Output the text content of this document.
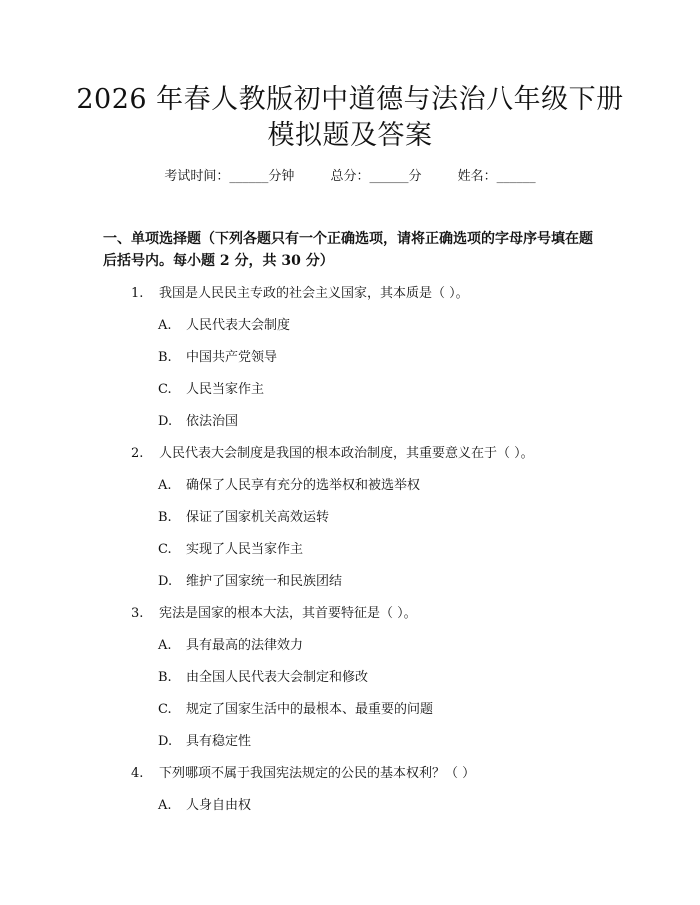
2026 年春人教版初中道德与法治八年级下册
模拟题及答案
考试时间：______分钟	总分：______分	姓名：______
一、单项选择题（下列各题只有一个正确选项，请将正确选项的字母序号填在题后括号内。每小题 2 分，共 30 分）
1. 我国是人民民主专政的社会主义国家，其本质是（ ）。
A. 人民代表大会制度
B. 中国共产党领导
C. 人民当家作主
D. 依法治国
2. 人民代表大会制度是我国的根本政治制度，其重要意义在于（ ）。
A. 确保了人民享有充分的选举权和被选举权
B. 保证了国家机关高效运转
C. 实现了人民当家作主
D. 维护了国家统一和民族团结
3. 宪法是国家的根本大法，其首要特征是（ ）。
A. 具有最高的法律效力
B. 由全国人民代表大会制定和修改
C. 规定了国家生活中的最根本、最重要的问题
D. 具有稳定性
4. 下列哪项不属于我国宪法规定的公民的基本权利？（ ）
A. 人身自由权
